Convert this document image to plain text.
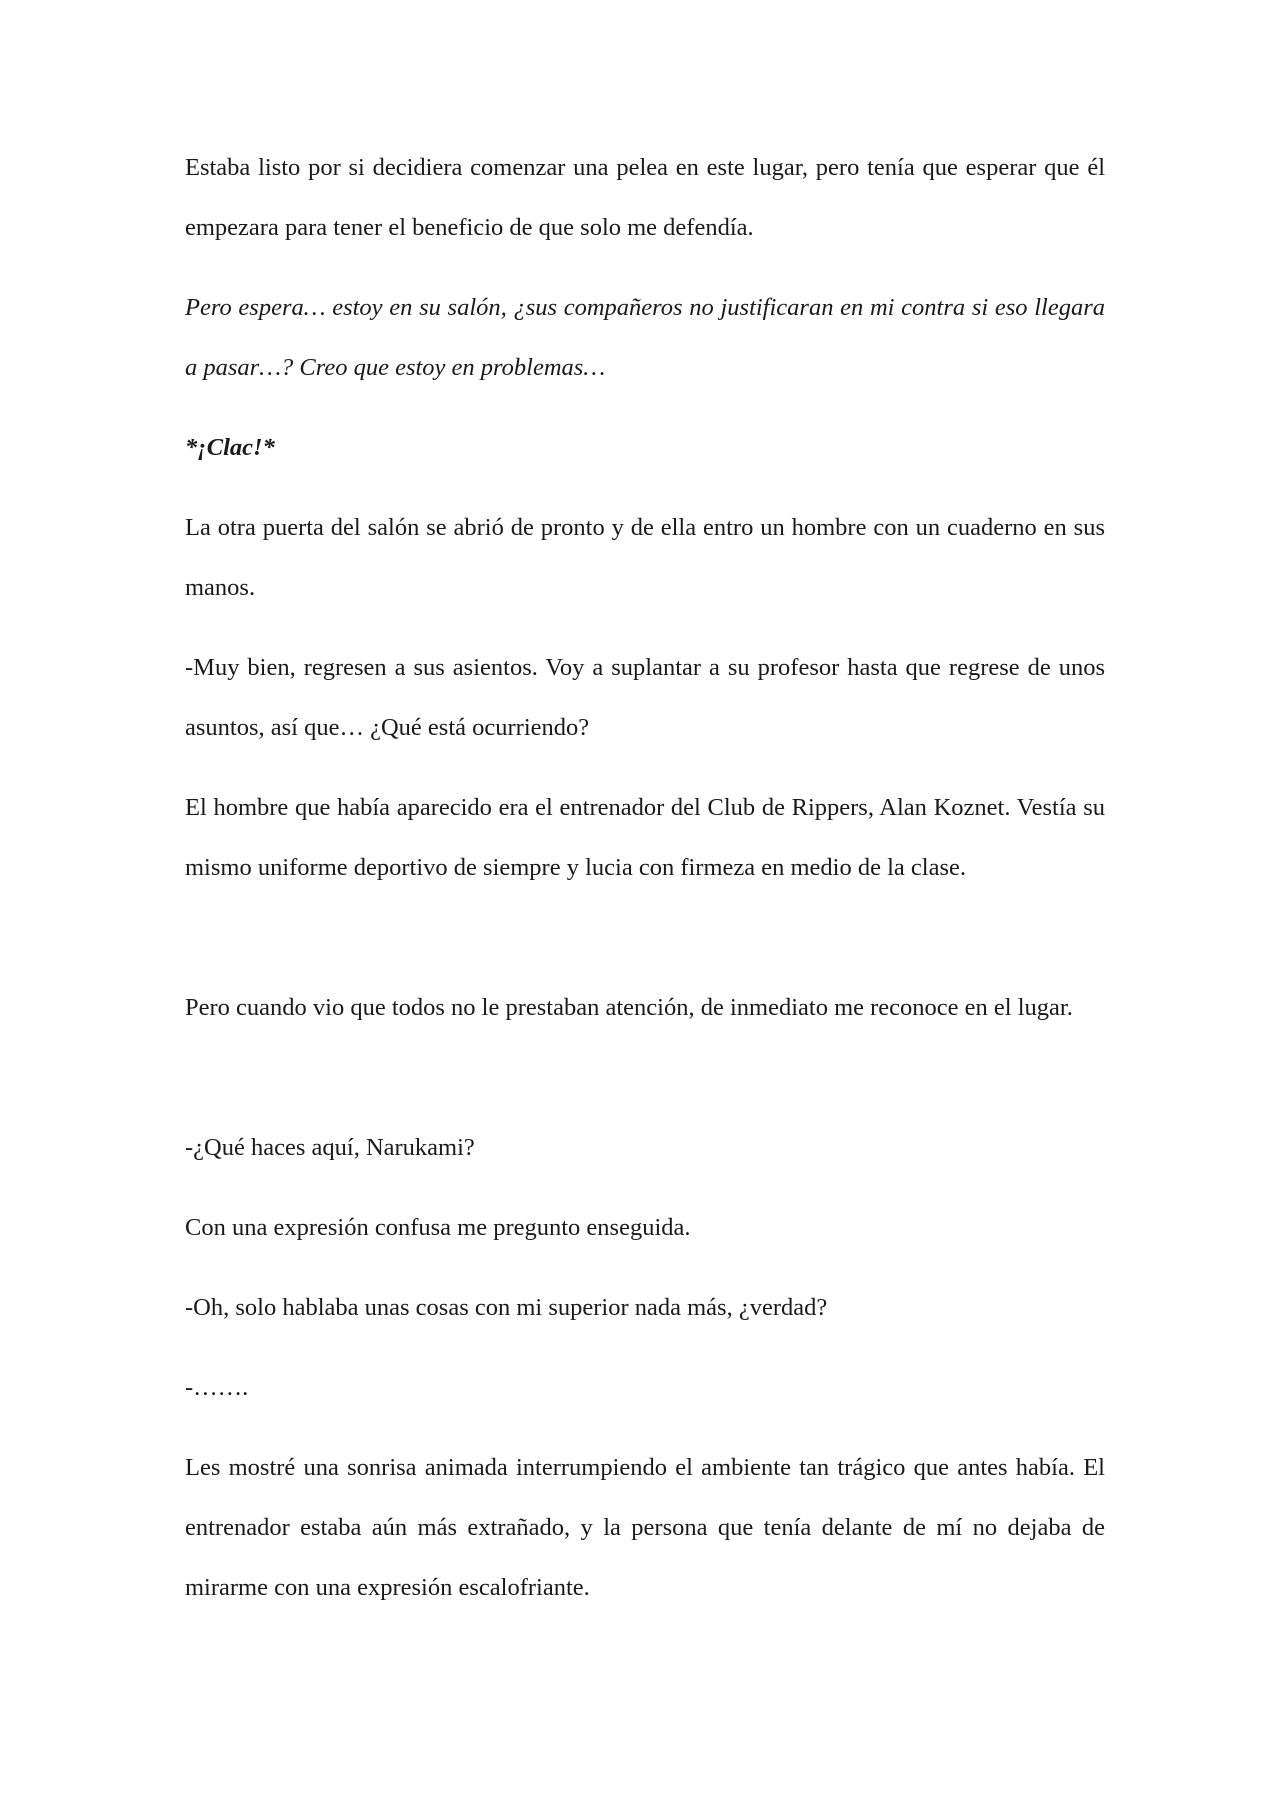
Estaba listo por si decidiera comenzar una pelea en este lugar, pero tenía que esperar que él empezara para tener el beneficio de que solo me defendía.

Pero espera… estoy en su salón, ¿sus compañeros no justificaran en mi contra si eso llegara a pasar…? Creo que estoy en problemas…

*¡Clac!*

La otra puerta del salón se abrió de pronto y de ella entro un hombre con un cuaderno en sus manos.

-Muy bien, regresen a sus asientos. Voy a suplantar a su profesor hasta que regrese de unos asuntos, así que… ¿Qué está ocurriendo?

El hombre que había aparecido era el entrenador del Club de Rippers, Alan Koznet. Vestía su mismo uniforme deportivo de siempre y lucia con firmeza en medio de la clase.

Pero cuando vio que todos no le prestaban atención, de inmediato me reconoce en el lugar.

-¿Qué haces aquí, Narukami?

Con una expresión confusa me pregunto enseguida.

-Oh, solo hablaba unas cosas con mi superior nada más, ¿verdad?

-…….

Les mostré una sonrisa animada interrumpiendo el ambiente tan trágico que antes había. El entrenador estaba aún más extrañado, y la persona que tenía delante de mí no dejaba de mirarme con una expresión escalofriante.
